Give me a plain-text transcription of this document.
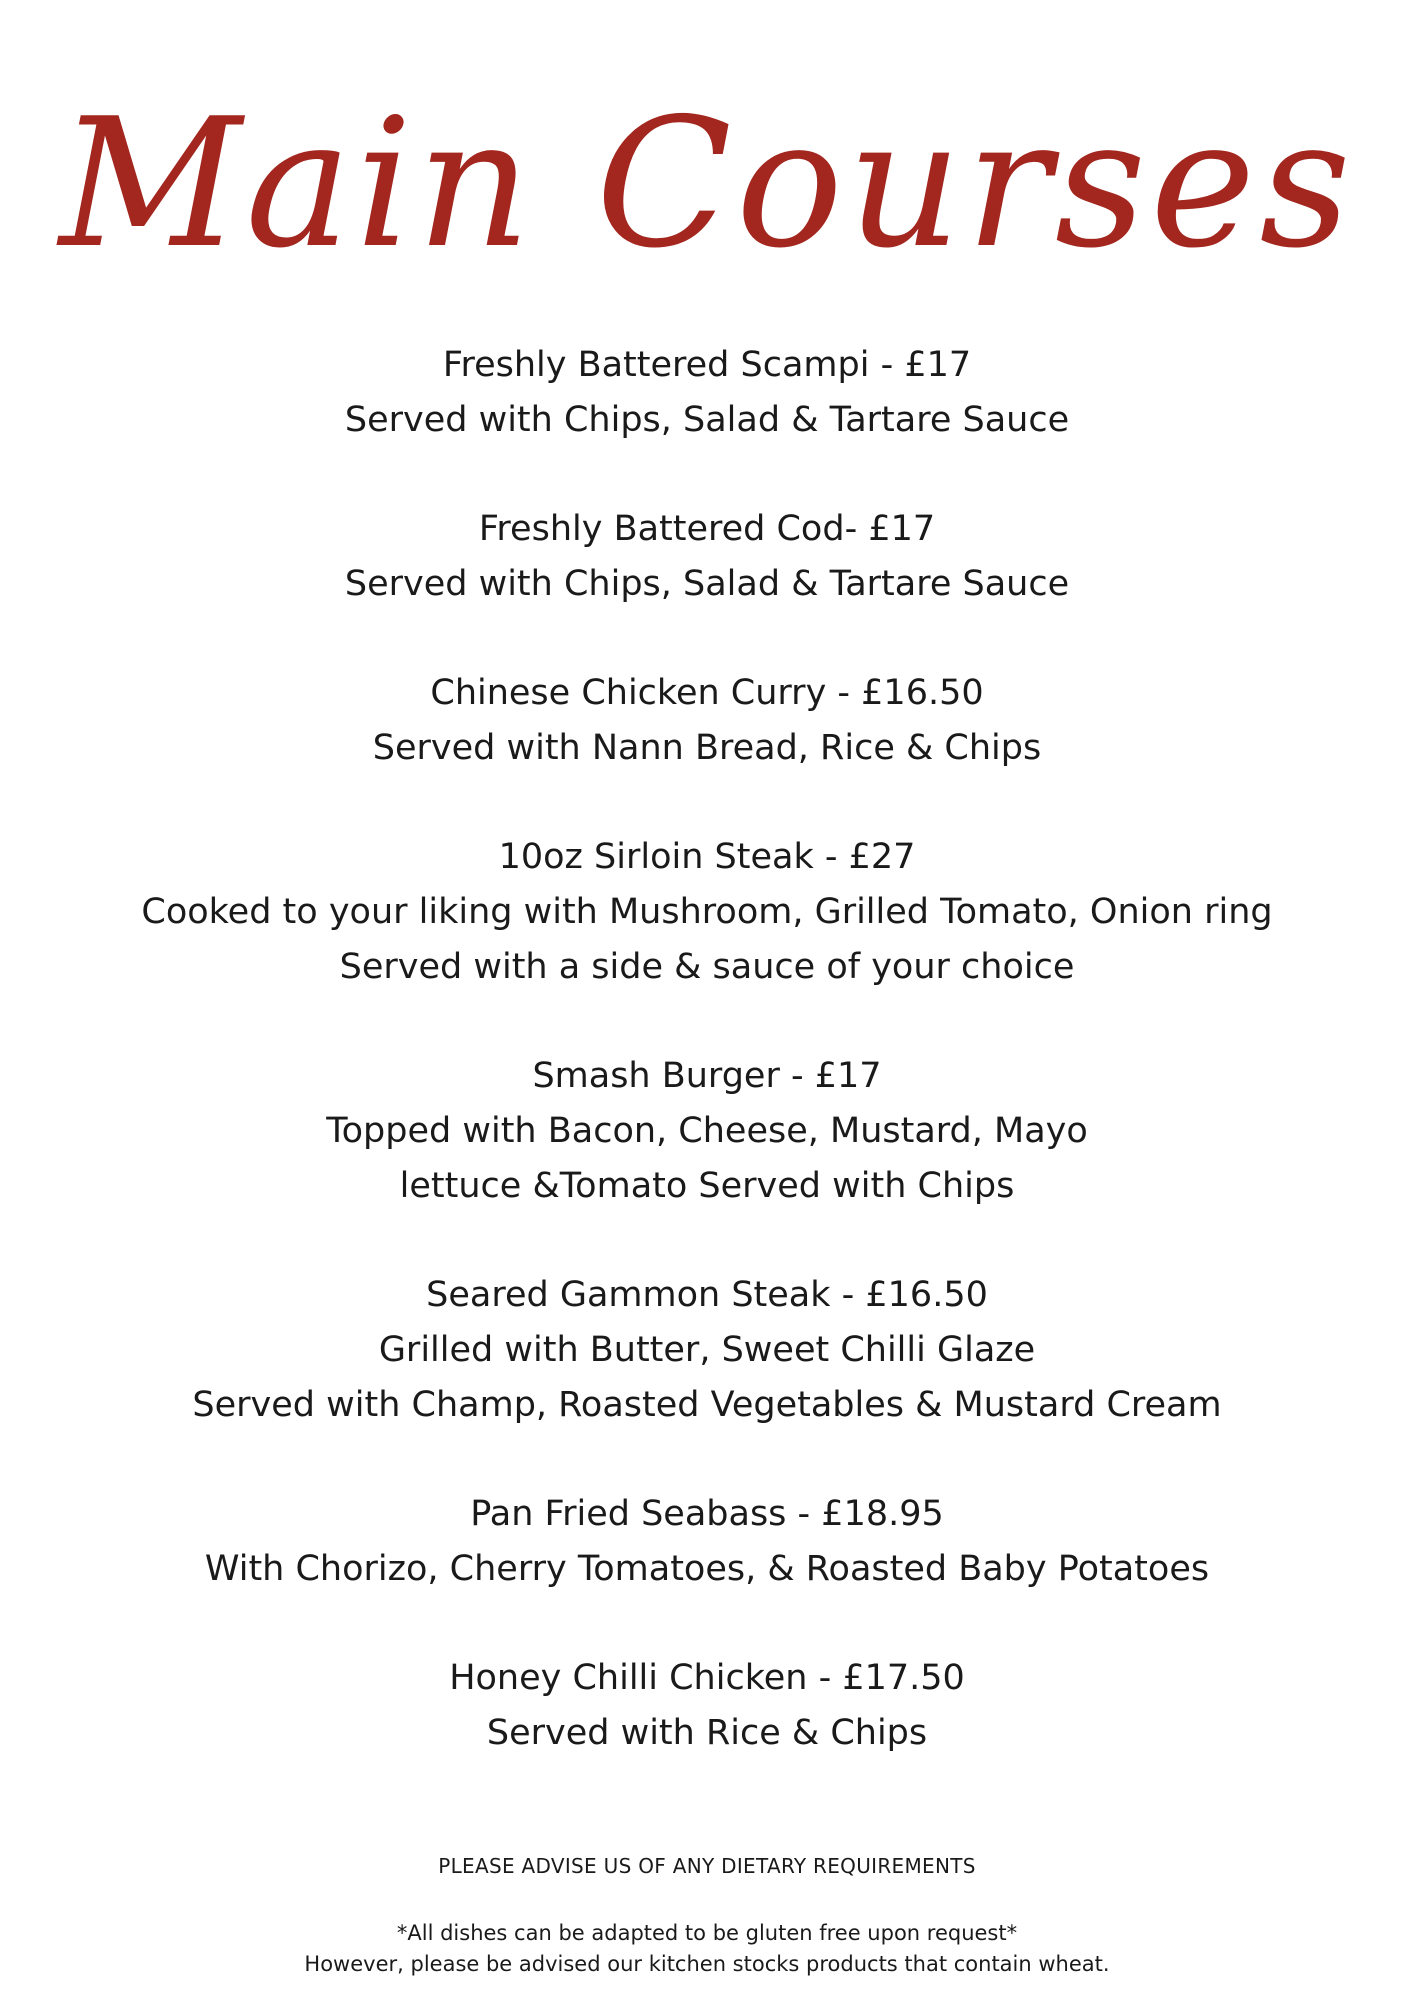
Main Courses
Freshly Battered Scampi - £17
Served with Chips, Salad & Tartare Sauce
Freshly Battered Cod- £17
Served with Chips, Salad & Tartare Sauce
Chinese Chicken Curry - £16.50
Served with Nann Bread, Rice & Chips
10oz Sirloin Steak - £27
Cooked to your liking with Mushroom, Grilled Tomato, Onion ring
Served with a side & sauce of your choice
Smash Burger - £17
Topped with Bacon, Cheese, Mustard, Mayo
lettuce &Tomato Served with Chips
Seared Gammon Steak - £16.50
Grilled with Butter, Sweet Chilli Glaze
Served with Champ, Roasted Vegetables & Mustard Cream
Pan Fried Seabass - £18.95
With Chorizo, Cherry Tomatoes, & Roasted Baby Potatoes
Honey Chilli Chicken - £17.50
Served with Rice & Chips
PLEASE ADVISE US OF ANY DIETARY REQUIREMENTS
*All dishes can be adapted to be gluten free upon request*
However, please be advised our kitchen stocks products that contain wheat.
